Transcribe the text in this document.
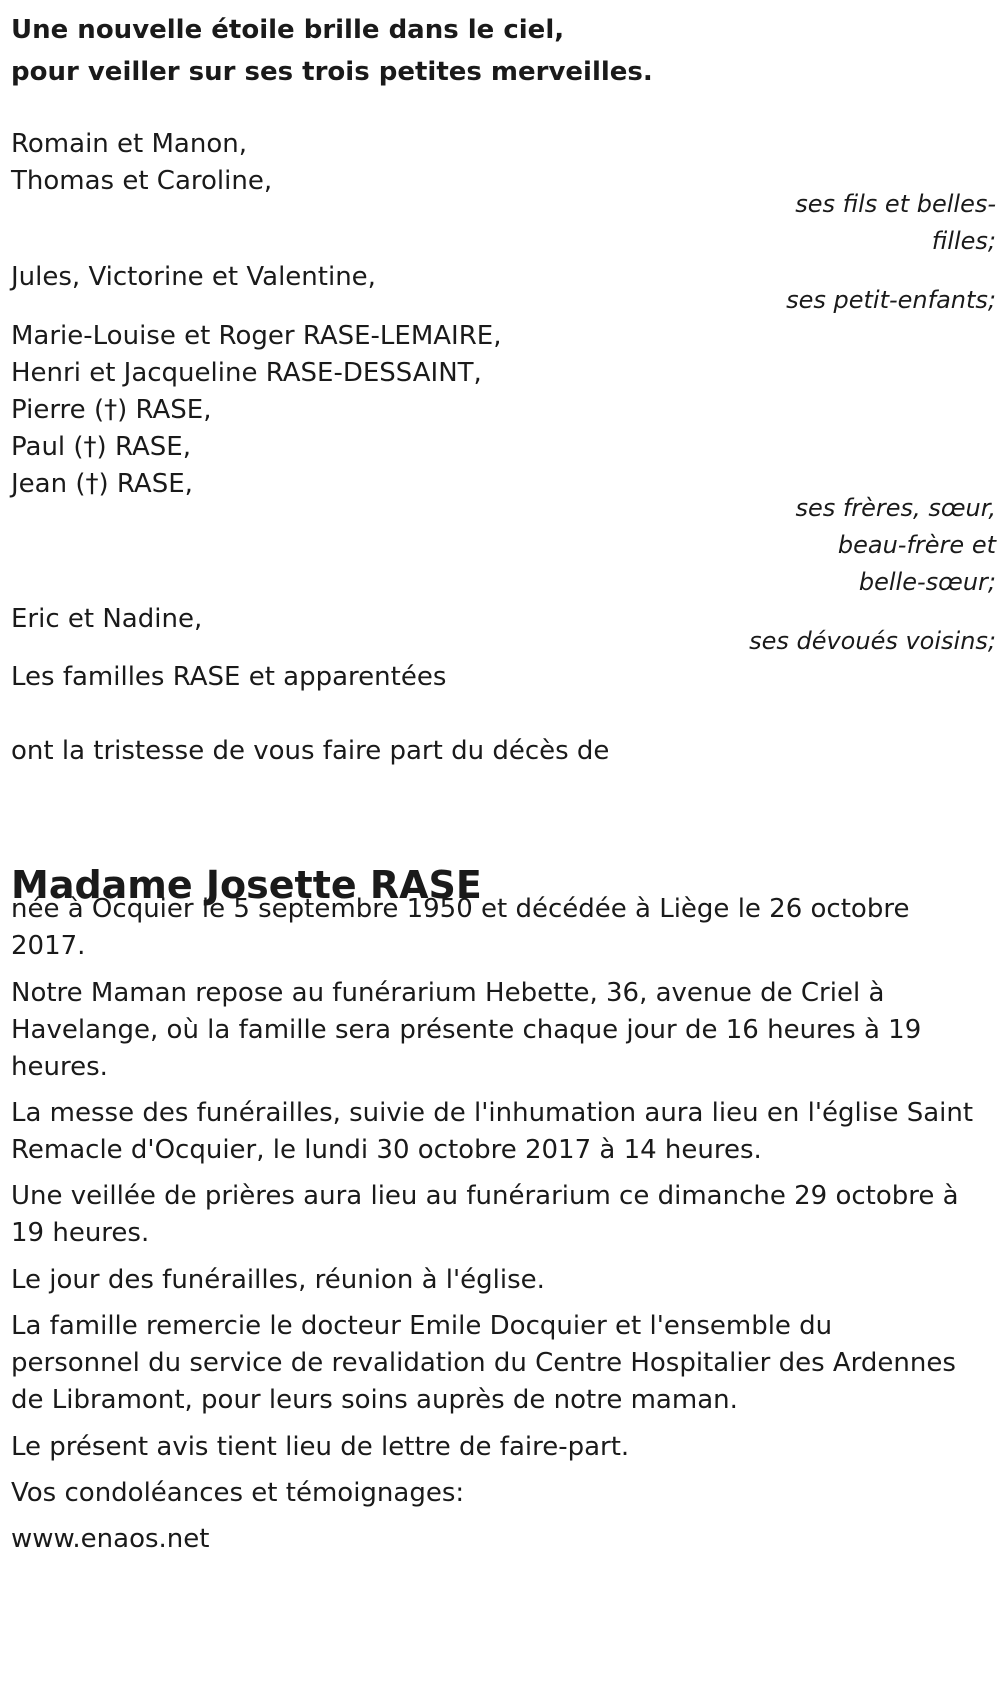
Une nouvelle étoile brille dans le ciel,

pour veiller sur ses trois petites merveilles.

Romain et Manon,

Thomas et Caroline,

ses fils et belles-

filles;

Jules, Victorine et Valentine,

ses petit-enfants;

Marie-Louise et Roger RASE-LEMAIRE,

Henri et Jacqueline RASE-DESSAINT,

Pierre (†) RASE,

Paul (†) RASE,

Jean (†) RASE,

ses frères, sœur,

beau-frère et

belle-sœur;

Eric et Nadine,

ses dévoués voisins;

Les familles RASE et apparentées

ont la tristesse de vous faire part du décès de

Madame Josette RASE

née à Ocquier le 5 septembre 1950 et décédée à Liège le 26 octobre

2017.

Notre Maman repose au funérarium Hebette, 36, avenue de Criel à

Havelange, où la famille sera présente chaque jour de 16 heures à 19

heures.

La messe des funérailles, suivie de l'inhumation aura lieu en l'église Saint

Remacle d'Ocquier, le lundi 30 octobre 2017 à 14 heures.

Une veillée de prières aura lieu au funérarium ce dimanche 29 octobre à

19 heures.

Le jour des funérailles, réunion à l'église.

La famille remercie le docteur Emile Docquier et l'ensemble du

personnel du service de revalidation du Centre Hospitalier des Ardennes

de Libramont, pour leurs soins auprès de notre maman.

Le présent avis tient lieu de lettre de faire-part.

Vos condoléances et témoignages:

www.enaos.net
